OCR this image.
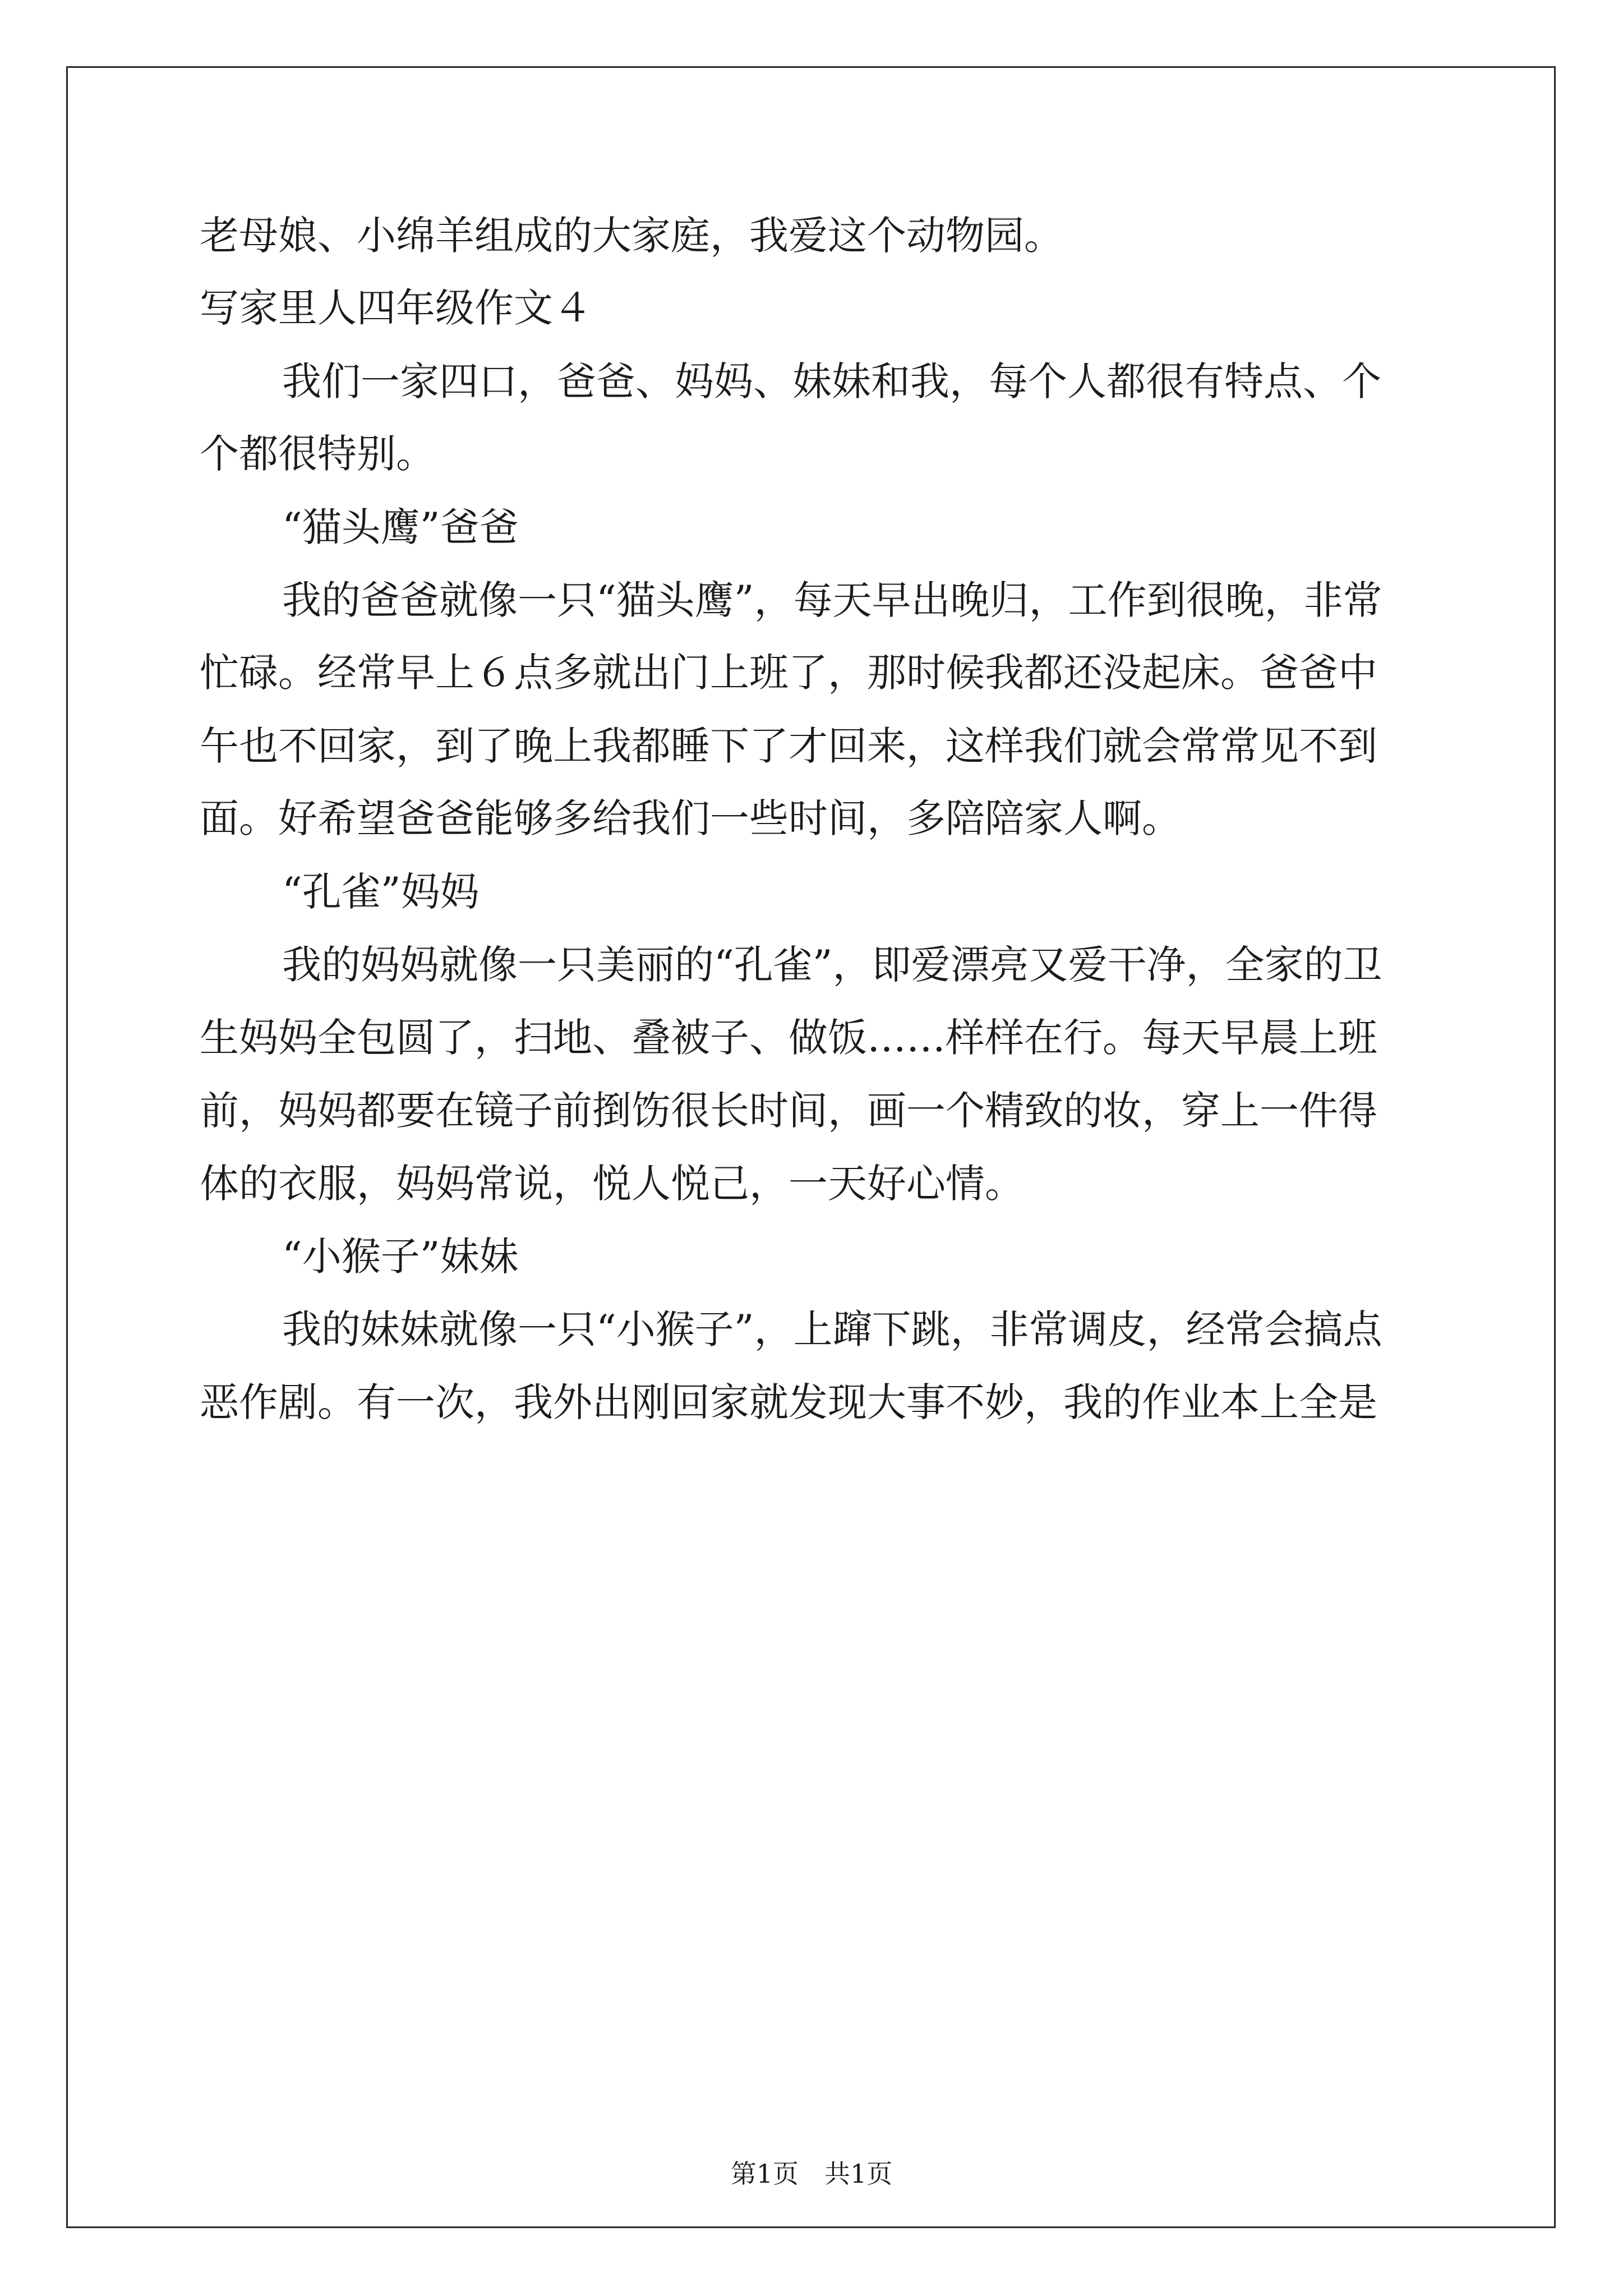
老母娘、小绵羊组成的大家庭，我爱这个动物园。
写家里人四年级作文４
我们一家四口，爸爸、妈妈、妹妹和我，每个人都很有特点、个
个都很特别。
“猫头鹰”爸爸
我的爸爸就像一只“猫头鹰”，每天早出晚归，工作到很晚，非常
忙碌。经常早上６点多就出门上班了，那时候我都还没起床。爸爸中
午也不回家，到了晚上我都睡下了才回来，这样我们就会常常见不到
面。好希望爸爸能够多给我们一些时间，多陪陪家人啊。
“孔雀”妈妈
我的妈妈就像一只美丽的“孔雀”，即爱漂亮又爱干净，全家的卫
生妈妈全包圆了，扫地、叠被子、做饭……样样在行。每天早晨上班
前，妈妈都要在镜子前捯饬很长时间，画一个精致的妆，穿上一件得
体的衣服，妈妈常说，悦人悦己，一天好心情。
“小猴子”妹妹
我的妹妹就像一只“小猴子”，上蹿下跳，非常调皮，经常会搞点
恶作剧。有一次，我外出刚回家就发现大事不妙，我的作业本上全是
第1页　共1页
